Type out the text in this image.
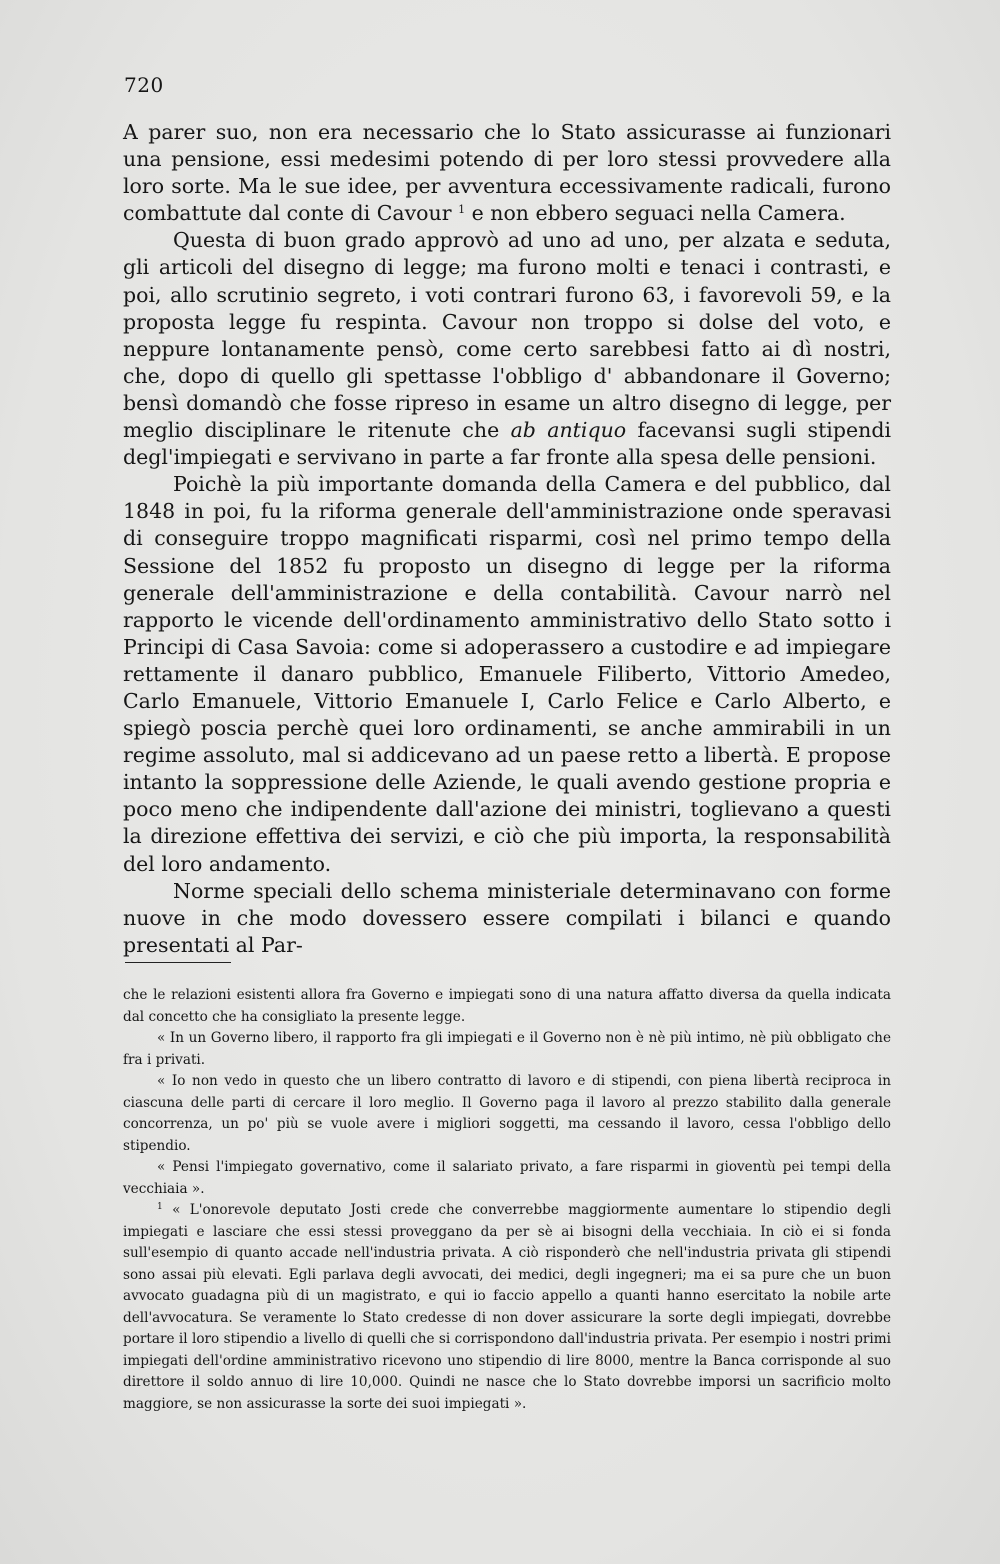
720

A parer suo, non era necessario che lo Stato assicurasse ai funzionari una pensione, essi medesimi potendo di per loro stessi provvedere alla loro sorte. Ma le sue idee, per avventura eccessivamente radicali, furono combattute dal conte di Cavour $^1$ e non ebbero seguaci nella Camera.

Questa di buon grado approvò ad uno ad uno, per alzata e seduta, gli articoli del disegno di legge; ma furono molti e tenaci i contrasti, e poi, allo scrutinio segreto, i voti contrari furono 63, i favorevoli 59, e la proposta legge fu respinta. Cavour non troppo si dolse del voto, e neppure lontanamente pensò, come certo sarebbesi fatto ai dì nostri, che, dopo di quello gli spettasse l'obbligo d' abbandonare il Governo; bensì domandò che fosse ripreso in esame un altro disegno di legge, per meglio disciplinare le ritenute che ab antiquo facevansi sugli stipendi degl'impiegati e servivano in parte a far fronte alla spesa delle pensioni.

Poichè la più importante domanda della Camera e del pubblico, dal 1848 in poi, fu la riforma generale dell'amministrazione onde speravasi di conseguire troppo magnificati risparmi, così nel primo tempo della Sessione del 1852 fu proposto un disegno di legge per la riforma generale dell'amministrazione e della contabilità. Cavour narrò nel rapporto le vicende dell'ordinamento amministrativo dello Stato sotto i Principi di Casa Savoia: come si adoperassero a custodire e ad impiegare rettamente il danaro pubblico, Emanuele Filiberto, Vittorio Amedeo, Carlo Emanuele, Vittorio Emanuele I, Carlo Felice e Carlo Alberto, e spiegò poscia perchè quei loro ordinamenti, se anche ammirabili in un regime assoluto, mal si addicevano ad un paese retto a libertà. E propose intanto la soppressione delle Aziende, le quali avendo gestione propria e poco meno che indipendente dall'azione dei ministri, toglievano a questi la direzione effettiva dei servizi, e ciò che più importa, la responsabilità del loro andamento.

Norme speciali dello schema ministeriale determinavano con forme nuove in che modo dovessero essere compilati i bilanci e quando presentati al Par-

che le relazioni esistenti allora fra Governo e impiegati sono di una natura affatto diversa da quella indicata dal concetto che ha consigliato la presente legge.

« In un Governo libero, il rapporto fra gli impiegati e il Governo non è nè più intimo, nè più obbligato che fra i privati.

« Io non vedo in questo che un libero contratto di lavoro e di stipendi, con piena libertà reciproca in ciascuna delle parti di cercare il loro meglio. Il Governo paga il lavoro al prezzo stabilito dalla generale concorrenza, un po' più se vuole avere i migliori soggetti, ma cessando il lavoro, cessa l'obbligo dello stipendio.

« Pensi l'impiegato governativo, come il salariato privato, a fare risparmi in gioventù pei tempi della vecchiaia ».

$^1$ « L'onorevole deputato Josti crede che converrebbe maggiormente aumentare lo stipendio degli impiegati e lasciare che essi stessi proveggano da per sè ai bisogni della vecchiaia. In ciò ei si fonda sull'esempio di quanto accade nell'industria privata. A ciò risponderò che nell'industria privata gli stipendi sono assai più elevati. Egli parlava degli avvocati, dei medici, degli ingegneri; ma ei sa pure che un buon avvocato guadagna più di un magistrato, e qui io faccio appello a quanti hanno esercitato la nobile arte dell'avvocatura. Se veramente lo Stato credesse di non dover assicurare la sorte degli impiegati, dovrebbe portare il loro stipendio a livello di quelli che si corrispondono dall'industria privata. Per esempio i nostri primi impiegati dell'ordine amministrativo ricevono uno stipendio di lire 8000, mentre la Banca corrisponde al suo direttore il soldo annuo di lire 10,000. Quindi ne nasce che lo Stato dovrebbe imporsi un sacrificio molto maggiore, se non assicurasse la sorte dei suoi impiegati ».
